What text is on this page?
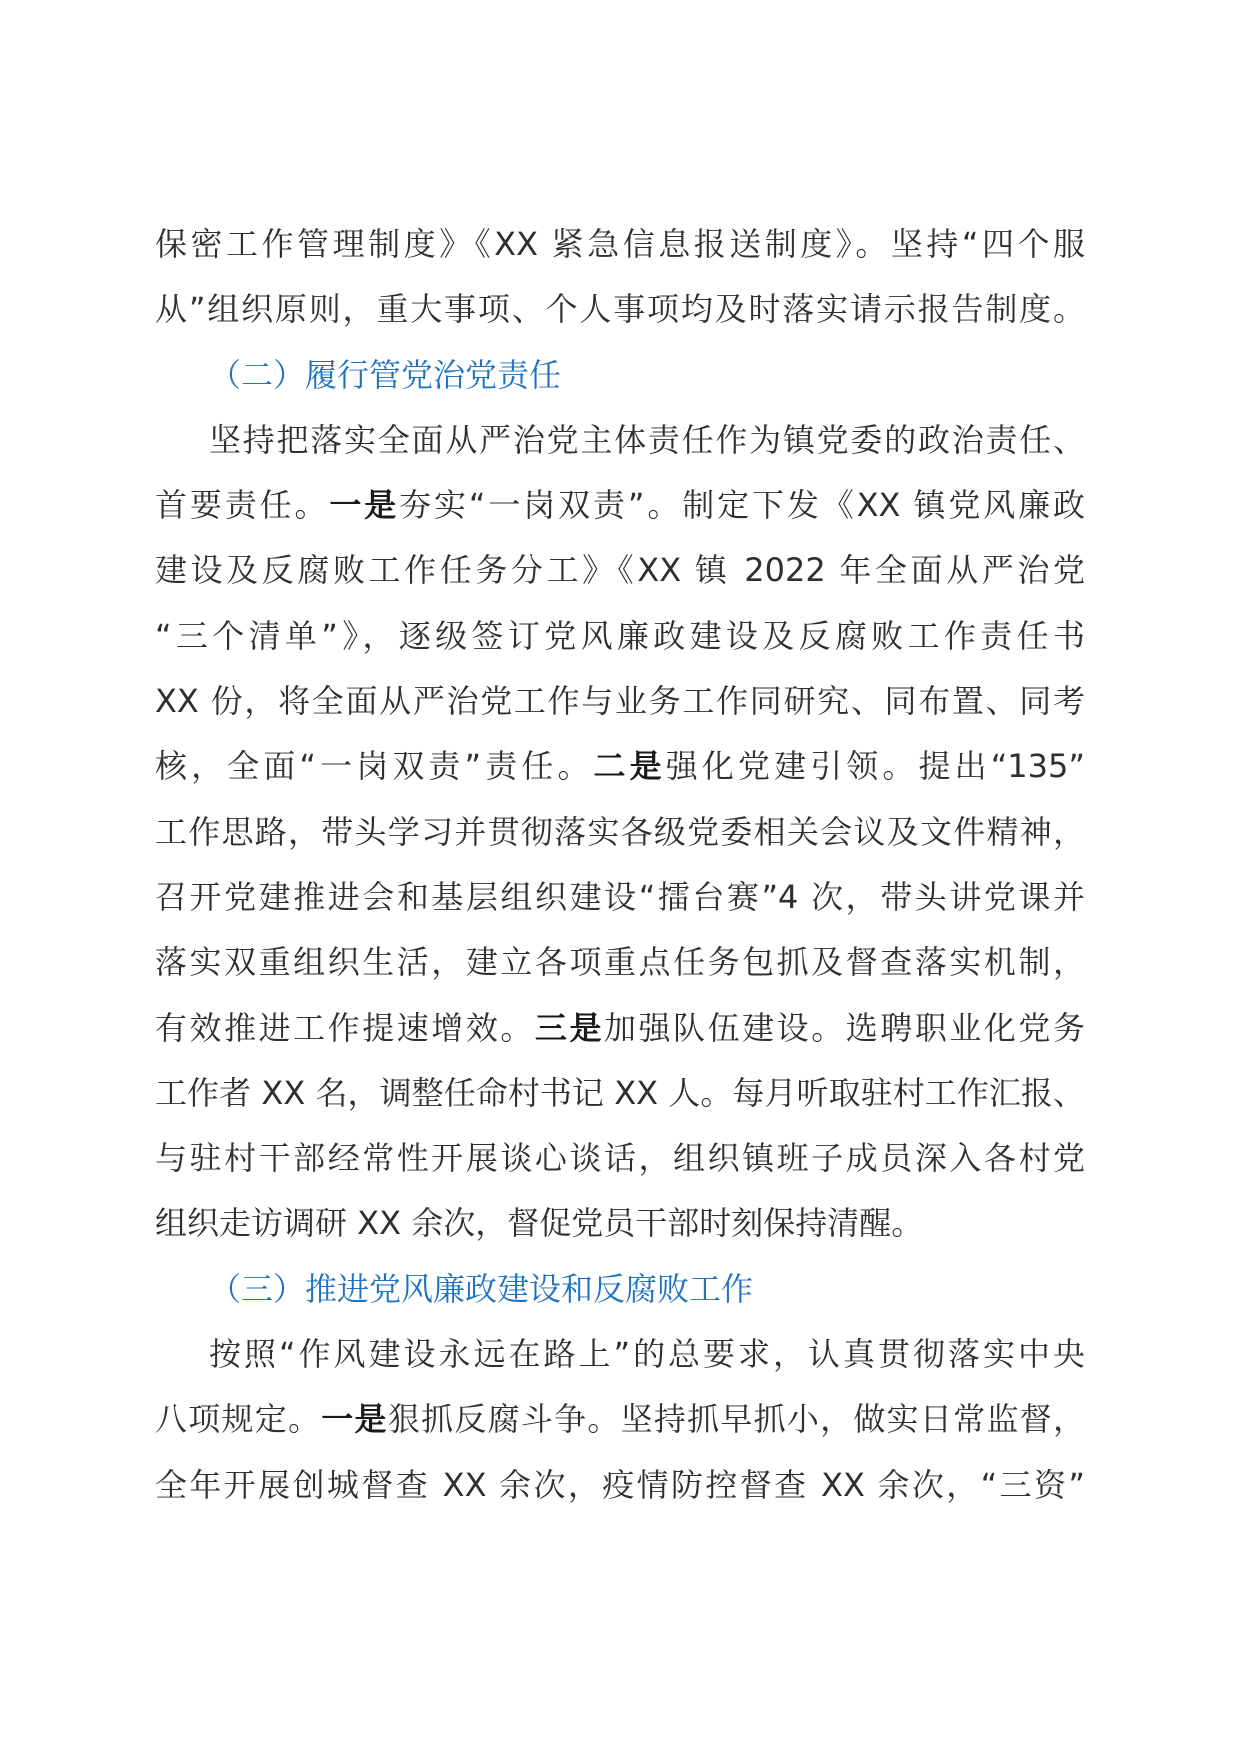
保密工作管理制度》《XX 紧急信息报送制度》。坚持“四个服
从”组织原则，重大事项、个人事项均及时落实请示报告制度。
（二）履行管党治党责任
坚持把落实全面从严治党主体责任作为镇党委的政治责任、
首要责任。一是夯实“一岗双责”。制定下发《XX 镇党风廉政
建设及反腐败工作任务分工》《XX 镇 2022 年全面从严治党
“三个清单”》，逐级签订党风廉政建设及反腐败工作责任书
XX 份，将全面从严治党工作与业务工作同研究、同布置、同考
核，全面“一岗双责”责任。二是强化党建引领。提出“135”
工作思路，带头学习并贯彻落实各级党委相关会议及文件精神，
召开党建推进会和基层组织建设“擂台赛”4 次，带头讲党课并
落实双重组织生活，建立各项重点任务包抓及督查落实机制，
有效推进工作提速增效。三是加强队伍建设。选聘职业化党务
工作者 XX 名，调整任命村书记 XX 人。每月听取驻村工作汇报、
与驻村干部经常性开展谈心谈话，组织镇班子成员深入各村党
组织走访调研 XX 余次，督促党员干部时刻保持清醒。
（三）推进党风廉政建设和反腐败工作
按照“作风建设永远在路上”的总要求，认真贯彻落实中央
八项规定。一是狠抓反腐斗争。坚持抓早抓小，做实日常监督，
全年开展创城督查 XX 余次，疫情防控督查 XX 余次，“三资”
